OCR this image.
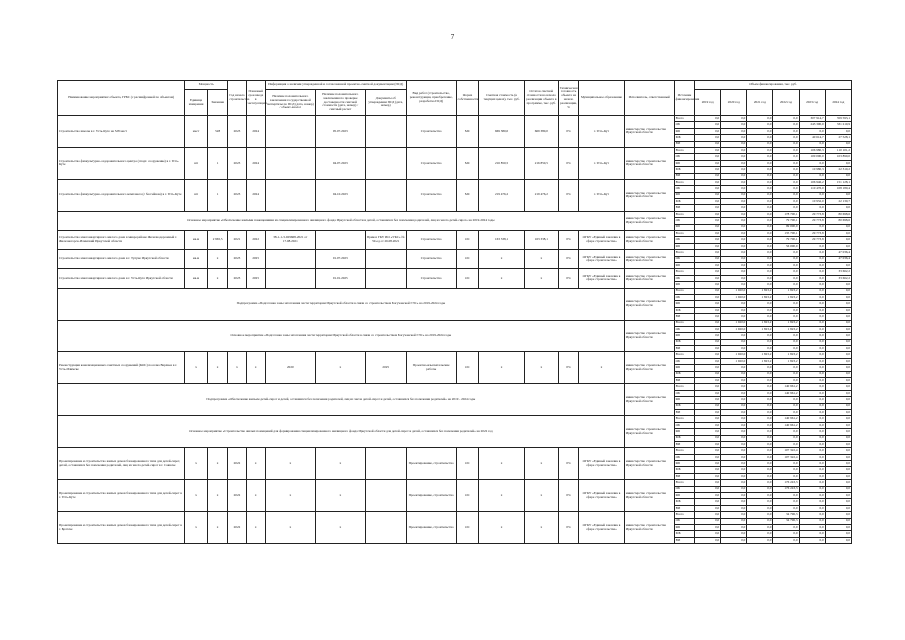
7
Наименование мероприятия/ объекта, ГРБС (с расшифровкой по объектам)	Мощность		Год начала строительства	Плановый срок ввода в эксплуатацию	Информация о наличии утвержденной и согласованной проектно-сметной документации (ПСД)			Вид работ (строительство, реконструкция, приобретение, разработка ПСД)	Форма собственности	Сметная стоимость (в текущих ценах), тыс. руб.	Остаток сметной стоимости на начало реализации объекта в программе, тыс. руб.	Техническая готовность объекта на начало реализации, %	Муниципальное образование	Исполнитель, ответственный	Источник финансирования	Объем финансирования, тыс. руб.					
	Единица измерения	Значение			Наличие положительного заключения государственной экспертизы по ПСД (дата, номер) / объект-аналог	Наличие положительного заключения по проверке достоверности сметной стоимости (дата, номер) / сметный расчет	Документы об утверждении ПСД (дата, номер)									2019 год	2020 год	2021 год	2022 год	2023 год	2024 год
Строительство школы в г. Усть-Куте на 528 мест	мест	528	2023	2024		05.07.2023		Строительство	МС	669 380,0	669 380,0	0%	г. Усть-Кут	министерство строительства Иркутской области	Всего	0,0	0,0	0,0	0,0	307 914,7	359 593,1
															ОБ	0,0	0,0	0,0	0,0	243 300,0	331 210,9
															ФБ	0,0	0,0	0,0	0,0	0,0	0,0
															МБ	0,0	0,0	0,0	0,0	40 614,7	27 528,1
															ВИ	0,0	0,0	0,0	0,0	0,0	0,0
Строительство физкультурно-оздоровительного центра (спорт. сооружение) в г. Усть-Куте	шт	1	2023	2024		04.07.2023		Строительство	МС	216 850,5	216 850,5	0%	г. Усть-Кут	министерство строительства Иркутской области	Всего	0,0	0,0	0,0	0,0	106 980,3	110 101,2
															ОБ	0,0	0,0	0,0	0,0	100 000,0	103 890,0
															ФБ	0,0	0,0	0,0	0,0	0,0	0,0
															МБ	0,0	0,0	0,0	0,0	10 980,3	22 310,2
															ВИ	0,0	0,0	0,0	0,0	0,0	0,0
Строительство физкультурно-оздоровительного комплекса (с бассейном) в г. Усть-Куте	шт	1	2023	2024		04.10.2023		Строительство	МС	219 476,2	219 476,2	0%	г. Усть-Кут	министерство строительства Иркутской области	Всего	0,0	0,0	0,0	0,0	106 946,2	151 128,1
															ОБ	0,0	0,0	0,0	0,0	110 476,0	108 180,4
															ФБ	0,0	0,0	0,0	0,0	0,0	0,0
															МБ	0,0	0,0	0,0	0,0	10 932,0	22 130,7
															ВИ	0,0	0,0	0,0	0,0	0,0	0,0
Основное мероприятие «Обеспечение жилыми помещениями из специализированного жилищного фонда Иркутской области и детей, оставшихся без попечения родителей, лиц из числа детей-сирот» на 2019-2024 годы														министерство строительства Иркутской области	Всего	0,0	0,0	0,0	178 700,1	29 773,8	80 698,6
															ОБ	0,0	0,0	0,0	79 700,1	29 773,8	80 698,6
															ФБ	0,0	0,0	0,0	99 000,0	0,0	0,0
Строительство многоквартирного жилого дома в микрорайоне Железнодорожный г. Железногорск-Илимский Иркутской области	кв.м	2 965,5	2021	2022	38-1-1-3-029668-2021 от 17.08.2021		Приказ ГКУ ИО «УКС» № 59-од от 26.08.2021	Строительство	ОС	163 338,1	163 338,1	0%	ОГКУ «Единый заказчик в сфере строительства»	министерство строительства Иркутской области	Всего	0,0	0,0	0,0	135 700,1	29 773,8	0,0
															ОБ	0,0	0,0	0,0	79 700,1	29 773,8	0,0
															ФБ	0,0	0,0	0,0	56 000,0	0,0	0,0
Строительство многоквартирного жилого дома в г. Тулуне Иркутской области	кв.м	х	2023	2025		01.07.2023		Строительство	ОС	х	х	0%	ОГКУ «Единый заказчик в сфере строительства»	министерство строительства Иркутской области	Всего	0,0	0,0	0,0	0,0	0,0	47 036,4
															ОБ	0,0	0,0	0,0	0,0	0,0	47 036,4
															ФБ	0,0	0,0	0,0	0,0	0,0	0,0
Строительство многоквартирного жилого дома в г. Усть-Куте Иркутской области	кв.м	х	2023	2025		01.01.2025		Строительство	ОС	х	х	0%	ОГКУ «Единый заказчик в сфере строительства»	министерство строительства Иркутской области	Всего	0,0	0,0	0,0	0,0	0,0	33 662,2
															ОБ	0,0	0,0	0,0	0,0	0,0	33 662,2
															ФБ	0,0	0,0	0,0	0,0	0,0	0,0
Подпрограмма «Подготовка зоны затопления части территории Иркутской области в связи со строительством Богучанской ГЭС» на 2019-2024 годы														министерство строительства Иркутской области	Всего	0,0	1 920,0	1 823,2	1 823,2	0,0	0,0
															ОБ	0,0	1 920,0	1 823,2	1 823,2	0,0	0,0
															ФБ	0,0	0,0	0,0	0,0	0,0	0,0
															МБ	0,0	0,0	0,0	0,0	0,0	0,0
															ВИ	0,0	0,0	0,0	0,0	0,0	0,0
Основное мероприятие «Подготовка зоны затопления части территории Иркутской области в связи со строительством Богучанской ГЭС» на 2019-2024 годы														министерство строительства Иркутской области	Всего	0,0	1 920,0	1 823,2	1 823,2	0,0	0,0
															ОБ	0,0	1 920,0	1 823,2	1 823,2	0,0	0,0
															ФБ	0,0	0,0	0,0	0,0	0,0	0,0
															МБ	0,0	0,0	0,0	0,0	0,0	0,0
															ВИ	0,0	0,0	0,0	0,0	0,0	0,0
Реконструкция канализационных очистных сооружений (КОС) поселка Верхнее в г. Усть-Илимске	х	х	х	х	2020	х	2025	Проектно-изыскательские работы	ОС	х	х	0%	х	министерство строительства Иркутской области	Всего	0,0	1 920,0	1 823,2	1 823,2	0,0	0,0
															ОБ	0,0	1 920,0	1 823,2	1 823,2	0,0	0,0
															ФБ	0,0	0,0	0,0	0,0	0,0	0,0
															МБ	0,0	0,0	0,0	0,0	0,0	0,0
															ВИ	0,0	0,0	0,0	0,0	0,0	0,0
Подпрограмма «Обеспечение жильем детей-сирот и детей, оставшихся без попечения родителей, лиц из числа детей-сирот и детей, оставшихся без попечения родителей» на 2019 - 2024 годы														министерство строительства Иркутской области	Всего	0,0	0,0	0,0	140 961,2	0,0	0,0
															ОБ	0,0	0,0	0,0	140 961,2	0,0	0,0
															ФБ	0,0	0,0	0,0	0,0	0,0	0,0
															МБ	0,0	0,0	0,0	0,0	0,0	0,0
															ВИ	0,0	0,0	0,0	0,0	0,0	0,0
Основное мероприятие «Строительство жилых помещений для формирования специализированного жилищного фонда Иркутской области для детей-сирот и детей, оставшихся без попечения родителей» на 2022 год														министерство строительства Иркутской области	Всего	0,0	0,0	0,0	140 961,2	0,0	0,0
															ОБ	0,0	0,0	0,0	140 961,2	0,0	0,0
															ФБ	0,0	0,0	0,0	0,0	0,0	0,0
															МБ	0,0	0,0	0,0	0,0	0,0	0,0
															ВИ	0,0	0,0	0,0	0,0	0,0	0,0
Проектирование и строительство жилых домов блокированного типа для детей-сирот, детей, оставшихся без попечения родителей, лиц из числа детей-сирот в г. Саянске	х	х	2022	х	х	х		Проектирование, строительство	ОС	х	х	0%	ОГКУ «Единый заказчик в сфере строительства»	министерство строительства Иркутской области	Всего	0,0	0,0	0,0	107 322,4	0,0	0,0
															ОБ	0,0	0,0	0,0	107 322,4	0,0	0,0
															ФБ	0,0	0,0	0,0	0,0	0,0	0,0
															МБ	0,0	0,0	0,0	0,0	0,0	0,0
															ВИ	0,0	0,0	0,0	0,0	0,0	0,0
Проектирование и строительство жилых домов блокированного типа для детей-сирот в г. Усть-Куте	х	х	2022	х	х	х		Проектирование, строительство	ОС	х	х	0%	ОГКУ «Единый заказчик в сфере строительства»	министерство строительства Иркутской области	Всего	0,0	0,0	0,0	176 243,3	0,0	0,0
															ОБ	0,0	0,0	0,0	176 243,3	0,0	0,0
															ФБ	0,0	0,0	0,0	0,0	0,0	0,0
															МБ	0,0	0,0	0,0	0,0	0,0	0,0
															ВИ	0,0	0,0	0,0	0,0	0,0	0,0
Проектирование и строительство жилых домов блокированного типа для детей-сирот в г. Братске	х	х	2022	х	х	х		Проектирование, строительство	ОС	х	х	0%	ОГКУ «Единый заказчик в сфере строительства»	министерство строительства Иркутской области	Всего	0,0	0,0	0,0	34 796,3	0,0	0,0
															ОБ	0,0	0,0	0,0	34 796,3	0,0	0,0
															ФБ	0,0	0,0	0,0	0,0	0,0	0,0
															МБ	0,0	0,0	0,0	0,0	0,0	0,0
															ВИ	0,0	0,0	0,0	0,0	0,0	0,0
